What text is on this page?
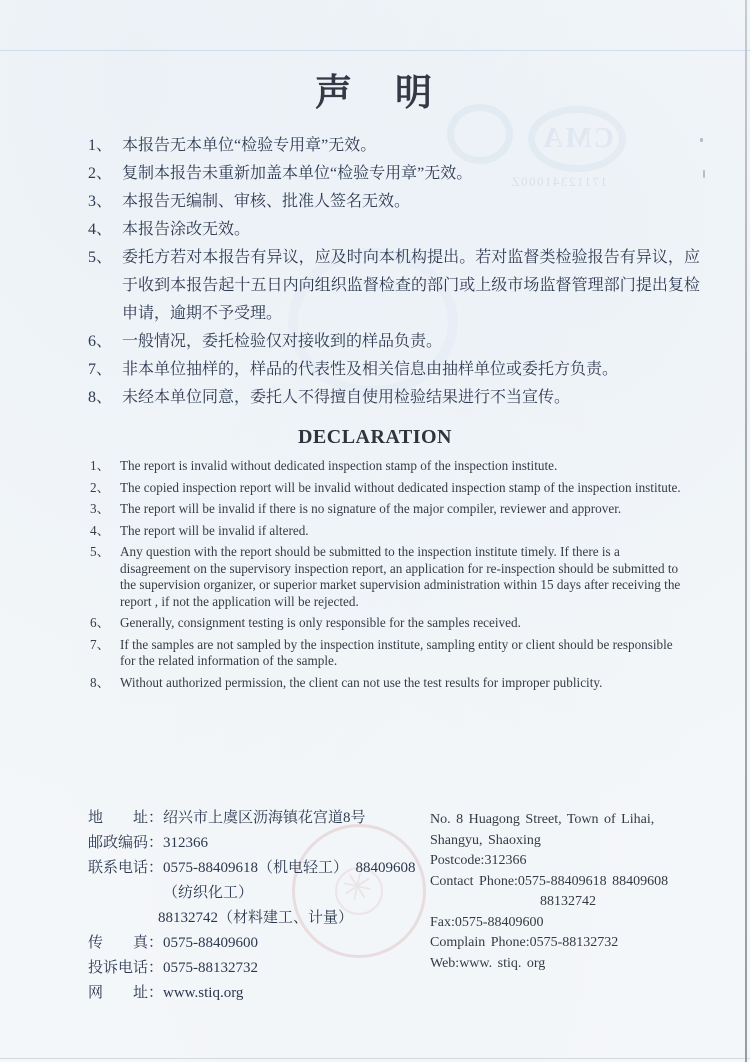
CMA
17112341000Z
✳
声　明
1、 本报告无本单位“检验专用章”无效。
2、 复制本报告未重新加盖本单位“检验专用章”无效。
3、 本报告无编制、审核、批准人签名无效。
4、 本报告涂改无效。
5、 委托方若对本报告有异议，应及时向本机构提出。若对监督类检验报告有异议，应于收到本报告起十五日内向组织监督检查的部门或上级市场监督管理部门提出复检申请，逾期不予受理。
6、 一般情况，委托检验仅对接收到的样品负责。
7、 非本单位抽样的，样品的代表性及相关信息由抽样单位或委托方负责。
8、 未经本单位同意，委托人不得擅自使用检验结果进行不当宣传。
DECLARATION
1、 The report is invalid without dedicated inspection stamp of the inspection institute.
2、 The copied inspection report will be invalid without dedicated inspection stamp of the inspection institute.
3、 The report will be invalid if there is no signature of the major compiler, reviewer and approver.
4、 The report will be invalid if altered.
5、 Any question with the report should be submitted to the inspection institute timely. If there is a disagreement on the supervisory inspection report, an application for re-inspection should be submitted to the supervision organizer, or superior market supervision administration within 15 days after receiving the report , if not the application will be rejected.
6、 Generally, consignment testing is only responsible for the samples received.
7、 If the samples are not sampled by the inspection institute, sampling entity or client should be responsible for the related information of the sample.
8、 Without authorized permission, the client can not use the test results for improper publicity.
地　　址： 绍兴市上虞区沥海镇花宫道8号
邮政编码： 312366
联系电话： 0575-88409618（机电轻工）　88409608（纺织化工）
88132742（材料建工、计量）
传　　真： 0575-88409600
投诉电话： 0575-88132732
网　　址： www.stiq.org
No. 8 Huagong Street, Town of Lihai,
Shangyu, Shaoxing
Postcode:312366
Contact Phone:0575-88409618 88409608
88132742
Fax:0575-88409600
Complain Phone:0575-88132732
Web:www. stiq. org
